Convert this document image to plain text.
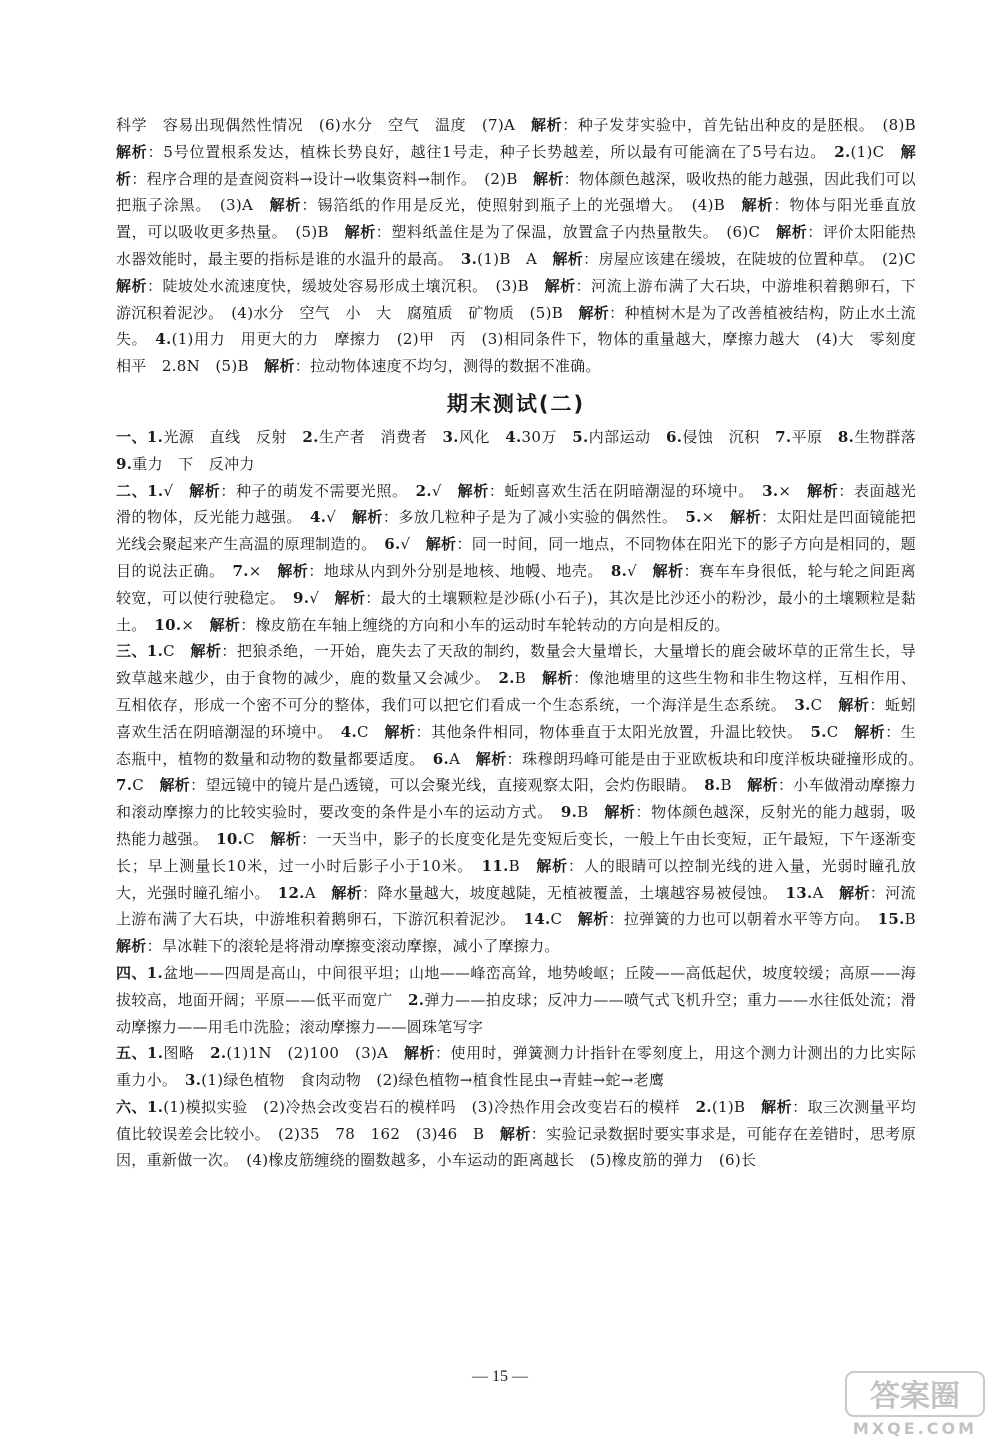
科学　容易出现偶然性情况　(6)水分　空气　温度　(7)A　解析：种子发芽实验中，首先钻出种皮的是胚根。　(8)B　解析：5号位置根系发达，植株长势良好，越往1号走，种子长势越差，所以最有可能滴在了5号右边。　2.(1)C　解析：程序合理的是查阅资料→设计→收集资料→制作。　(2)B　解析：物体颜色越深，吸收热的能力越强，因此我们可以把瓶子涂黑。　(3)A　解析：锡箔纸的作用是反光，使照射到瓶子上的光强增大。　(4)B　解析：物体与阳光垂直放置，可以吸收更多热量。　(5)B　解析：塑料纸盖住是为了保温，放置盒子内热量散失。　(6)C　解析：评价太阳能热水器效能时，最主要的指标是谁的水温升的最高。　3.(1)B　A　解析：房屋应该建在缓坡，在陡坡的位置种草。　(2)C　解析：陡坡处水流速度快，缓坡处容易形成土壤沉积。　(3)B　解析：河流上游布满了大石块，中游堆积着鹅卵石，下游沉积着泥沙。　(4)水分　空气　小　大　腐殖质　矿物质　(5)B　解析：种植树木是为了改善植被结构，防止水土流失。　4.(1)用力　用更大的力　摩擦力　(2)甲　丙　(3)相同条件下，物体的重量越大，摩擦力越大　(4)大　零刻度　相平　2.8N　(5)B　解析：拉动物体速度不均匀，测得的数据不准确。

期末测试(二)

一、1.光源　直线　反射　2.生产者　消费者　3.风化　4.30万　5.内部运动　6.侵蚀　沉积　7.平原　8.生物群落　9.重力　下　反冲力

二、1.√　解析：种子的萌发不需要光照。　2.√　解析：蚯蚓喜欢生活在阴暗潮湿的环境中。　3.×　解析：表面越光滑的物体，反光能力越强。　4.√　解析：多放几粒种子是为了减小实验的偶然性。　5.×　解析：太阳灶是凹面镜能把光线会聚起来产生高温的原理制造的。　6.√　解析：同一时间，同一地点，不同物体在阳光下的影子方向是相同的，题目的说法正确。　7.×　解析：地球从内到外分别是地核、地幔、地壳。　8.√　解析：赛车车身很低，轮与轮之间距离较宽，可以使行驶稳定。　9.√　解析：最大的土壤颗粒是沙砾(小石子)，其次是比沙还小的粉沙，最小的土壤颗粒是黏土。　10.×　解析：橡皮筋在车轴上缠绕的方向和小车的运动时车轮转动的方向是相反的。

三、1.C　解析：把狼杀绝，一开始，鹿失去了天敌的制约，数量会大量增长，大量增长的鹿会破坏草的正常生长，导致草越来越少，由于食物的减少，鹿的数量又会减少。　2.B　解析：像池塘里的这些生物和非生物这样，互相作用、互相依存，形成一个密不可分的整体，我们可以把它们看成一个生态系统，一个海洋是生态系统。　3.C　解析：蚯蚓喜欢生活在阴暗潮湿的环境中。　4.C　解析：其他条件相同，物体垂直于太阳光放置，升温比较快。　5.C　解析：生态瓶中，植物的数量和动物的数量都要适度。　6.A　解析：珠穆朗玛峰可能是由于亚欧板块和印度洋板块碰撞形成的。　7.C　解析：望远镜中的镜片是凸透镜，可以会聚光线，直接观察太阳，会灼伤眼睛。　8.B　解析：小车做滑动摩擦力和滚动摩擦力的比较实验时，要改变的条件是小车的运动方式。　9.B　解析：物体颜色越深，反射光的能力越弱，吸热能力越强。　10.C　解析：一天当中，影子的长度变化是先变短后变长，一般上午由长变短，正午最短，下午逐渐变长；早上测量长10米，过一小时后影子小于10米。　11.B　解析：人的眼睛可以控制光线的进入量，光弱时瞳孔放大，光强时瞳孔缩小。　12.A　解析：降水量越大，坡度越陡，无植被覆盖，土壤越容易被侵蚀。　13.A　解析：河流上游布满了大石块，中游堆积着鹅卵石，下游沉积着泥沙。　14.C　解析：拉弹簧的力也可以朝着水平等方向。　15.B　解析：旱冰鞋下的滚轮是将滑动摩擦变滚动摩擦，减小了摩擦力。

四、1.盆地——四周是高山，中间很平坦；山地——峰峦高耸，地势峻岖；丘陵——高低起伏，坡度较缓；高原——海拔较高，地面开阔；平原——低平而宽广　2.弹力——拍皮球；反冲力——喷气式飞机升空；重力——水往低处流；滑动摩擦力——用毛巾洗脸；滚动摩擦力——圆珠笔写字

五、1.图略　2.(1)1N　(2)100　(3)A　解析：使用时，弹簧测力计指针在零刻度上，用这个测力计测出的力比实际重力小。　3.(1)绿色植物　食肉动物　(2)绿色植物→植食性昆虫→青蛙→蛇→老鹰

六、1.(1)模拟实验　(2)冷热会改变岩石的模样吗　(3)冷热作用会改变岩石的模样　2.(1)B　解析：取三次测量平均值比较误差会比较小。　(2)35　78　162　(3)46　B　解析：实验记录数据时要实事求是，可能存在差错时，思考原因，重新做一次。　(4)橡皮筋缠绕的圈数越多，小车运动的距离越长　(5)橡皮筋的弹力　(6)长

— 15 —
答案圈
MXQE.COM
